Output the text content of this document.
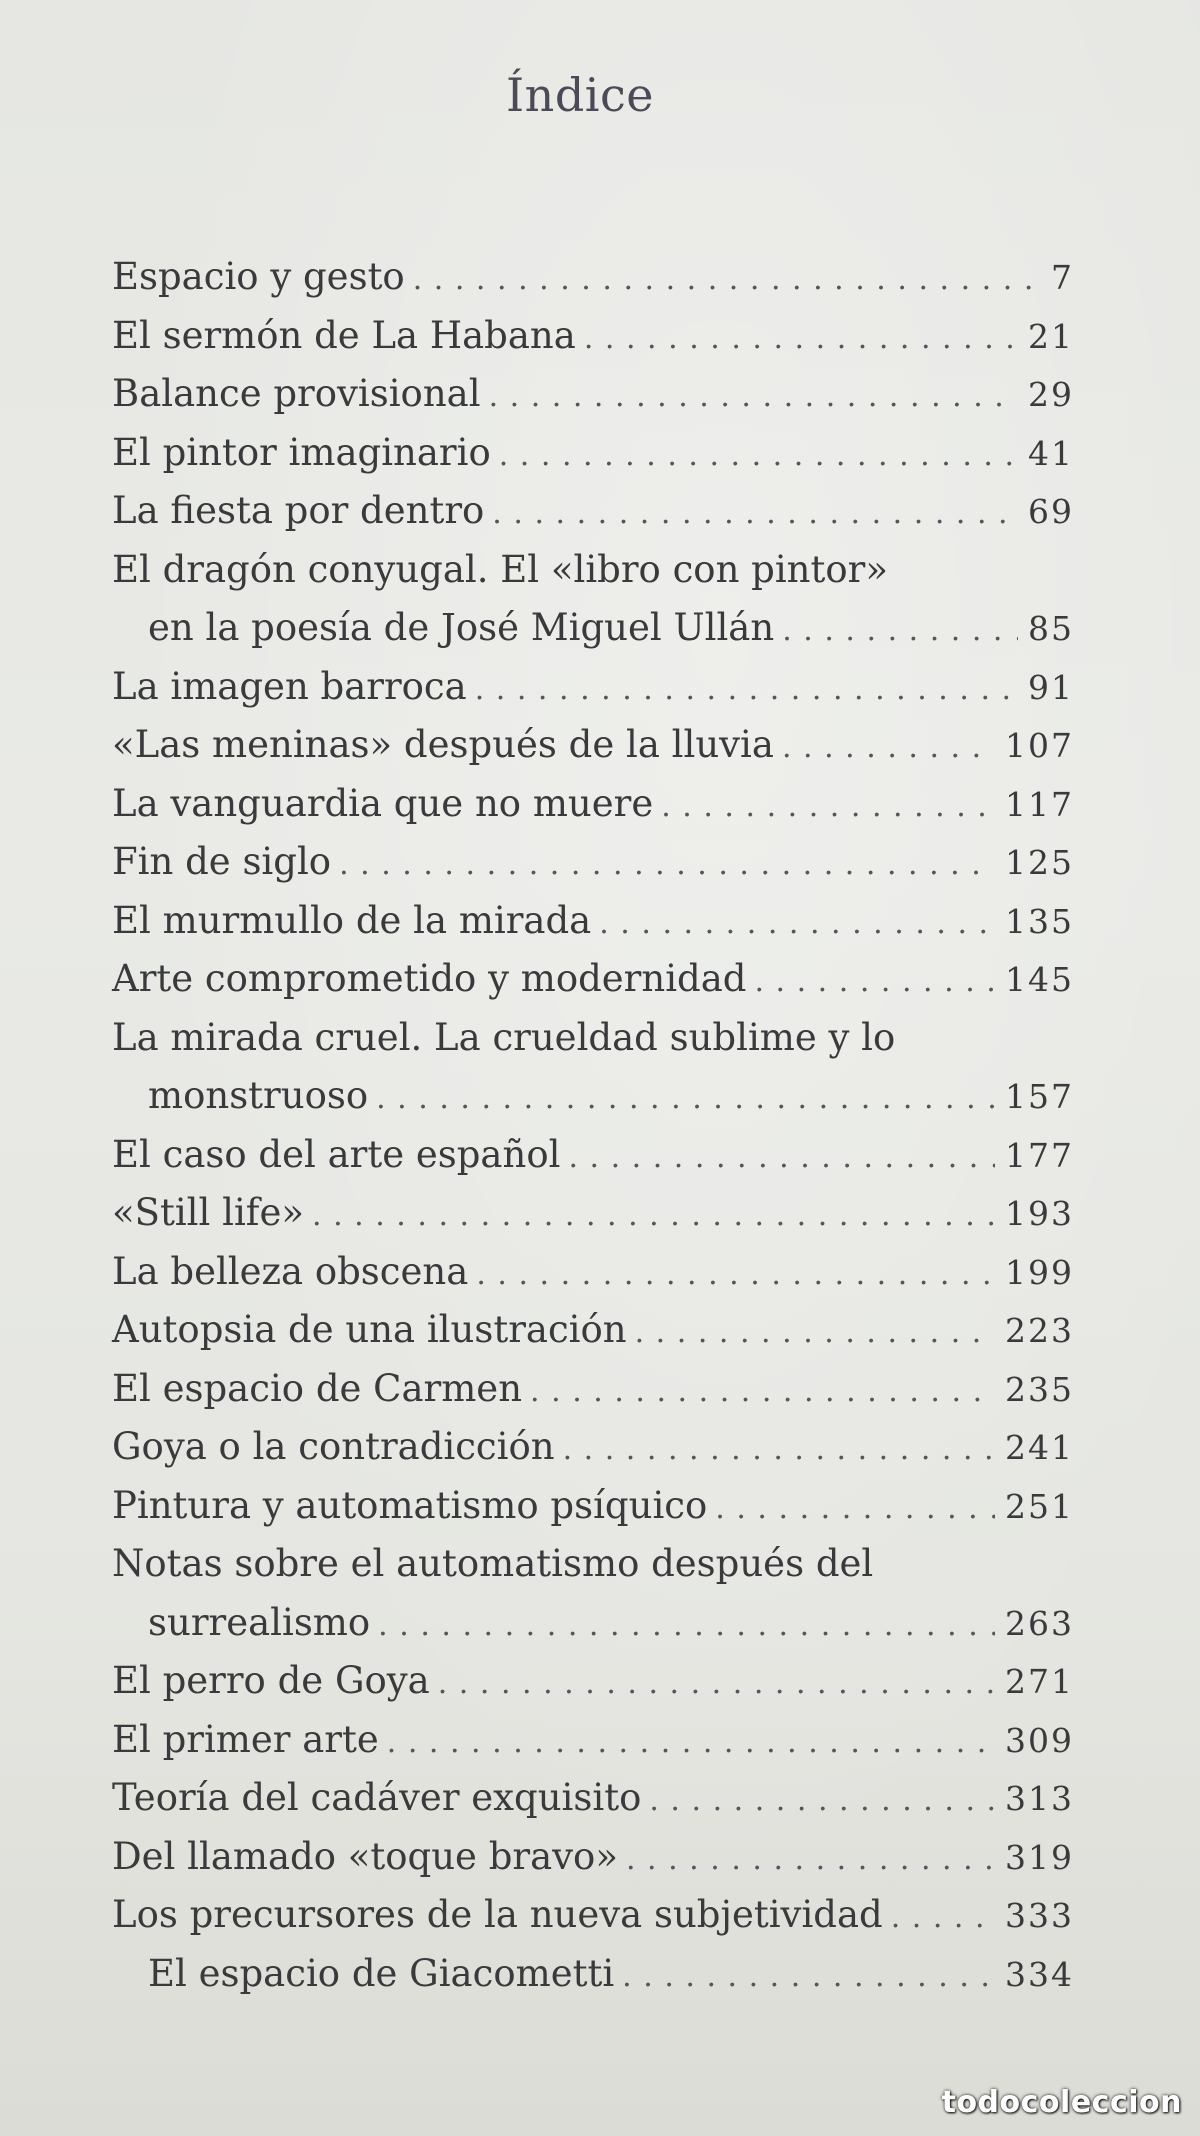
Índice
Espacio y gesto . . .	7
El sermón de La Habana . . .	21
Balance provisional . . .	29
El pintor imaginario . . .	41
La fiesta por dentro . . .	69
El dragón conyugal. El «libro con pintor»
en la poesía de José Miguel Ullán . . .	85
La imagen barroca . . .	91
«Las meninas» después de la lluvia . . .	107
La vanguardia que no muere . . .	117
Fin de siglo . . .	125
El murmullo de la mirada . . .	135
Arte comprometido y modernidad . . .	145
La mirada cruel. La crueldad sublime y lo
monstruoso . . .	157
El caso del arte español . . .	177
«Still life» . . .	193
La belleza obscena . . .	199
Autopsia de una ilustración . . .	223
El espacio de Carmen . . .	235
Goya o la contradicción . . .	241
Pintura y automatismo psíquico . . .	251
Notas sobre el automatismo después del
surrealismo . . .	263
El perro de Goya . . .	271
El primer arte . . .	309
Teoría del cadáver exquisito . . .	313
Del llamado «toque bravo» . . .	319
Los precursores de la nueva subjetividad . . .	333
El espacio de Giacometti . . .	334
todocoleccion
